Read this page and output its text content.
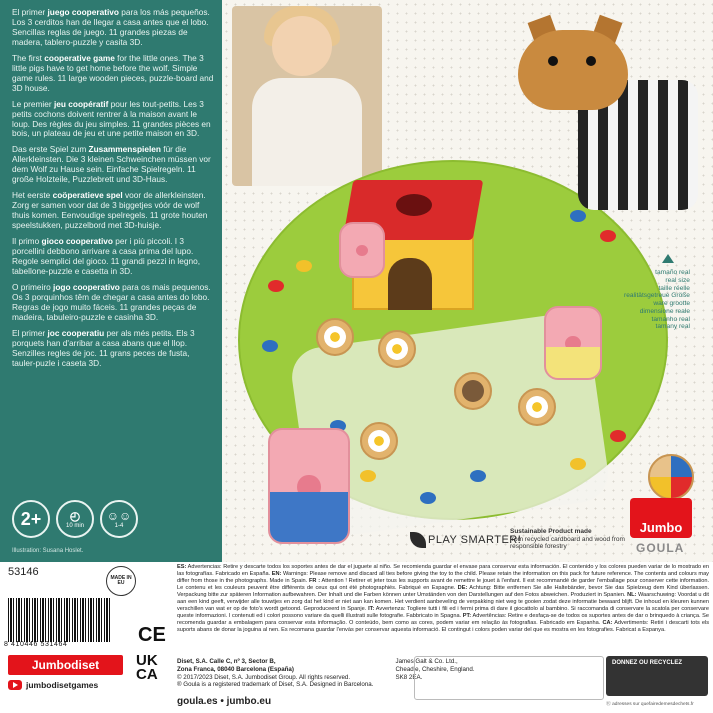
El primer juego cooperativo para los más pequeños. Los 3 cerditos han de llegar a casa antes que el lobo. Sencillas reglas de juego. 11 grandes piezas de madera, tablero-puzzle y casita 3D.

The first cooperative game for the little ones. The 3 little pigs have to get home before the wolf. Simple game rules. 11 large wooden pieces, puzzle-board and 3D house.

Le premier jeu coopératif pour les tout-petits. Les 3 petits cochons doivent rentrer à la maison avant le loup. Des règles du jeu simples. 11 grandes pièces en bois, un plateau de jeu et une petite maison en 3D.

Das erste Spiel zum Zusammenspielen für die Allerkleinsten. Die 3 kleinen Schweinchen müssen vor dem Wolf zu Hause sein. Einfache Spielregeln. 11 große Holzteile, Puzzlebrett und 3D-Haus.

Het eerste coöperatieve spel voor de allerkleinsten. Zorg er samen voor dat de 3 biggetjes vóór de wolf thuis komen. Eenvoudige spelregels. 11 grote houten speelstukken, puzzelbord met 3D-huisje.

Il primo gioco cooperativo per i più piccoli. I 3 porcellini debbono arrivare a casa prima del lupo. Regole semplici del gioco. 11 grandi pezzi in legno, tabellone-puzzle e casetta in 3D.

O primeiro jogo cooperativo para os mais pequenos. Os 3 porquinhos têm de chegar a casa antes do lobo. Regras de jogo muito fáceis. 11 grandes peças de madeira, tabuleiro-puzzle e casinha 3D.

El primer joc cooperatiu per als més petits. Els 3 porquets han d'arribar a casa abans que el llop. Senzilles regles de joc. 11 grans peces de fusta, tauler-puzle i caseta 3D.

2+	◴
10 min
☺☺
1-4
Illustration: Susana Hoslet.
tamaño real
real size
taille réelle
realitätsgetreue Größe
ware grootte
dimensione reale
tamanho real
tamany real
Jumbo
GOULA
PLAY SMARTER!
Sustainable Product made
from recycled cardboard and wood from responsible forestry
53146	MADE IN EU
8 410446 531464	CE
UK CA
Jumbodiset
jumbodisetgames
ES: Advertencias: Retire y descarte todos los soportes antes de dar el juguete al niño. Se recomienda guardar el envase para conservar esta información. El contenido y los colores pueden variar de lo mostrado en las fotografías. Fabricado en España. EN: Warnings: Please remove and discard all ties before giving the toy to the child. Please retain the information on this pack for future reference. The contents and colours may differ from those in the photographs. Made in Spain. FR : Attention ! Retirer et jeter tous les supports avant de remettre le jouet à l'enfant. Il est recommandé de garder l'emballage pour conserver cette information. Le contenu et les couleurs peuvent être différents de ceux qui ont été photographiés. Fabriqué en Espagne. DE: Achtung: Bitte entfernen Sie alle Haltebänder, bevor Sie das Spielzeug dem Kind überlassen. Verpackung bitte zur späteren Information aufbewahren. Der Inhalt und die Farben können unter Umständen von den Darstellungen auf den Fotos abweichen. Produziert in Spanien. NL: Waarschuwing: Voordat u dit aan een kind geeft, verwijder alle touwtjes en zorg dat het kind er niet aan kan komen. Het verdient aanbeveling de verpakking niet weg te gooien zodat deze informatie bewaard blijft. De inhoud en kleuren kunnen verschillen van wat er op de foto's wordt getoond. Geproduceerd in Spanje. IT: Avvertenza: Togliere tutti i fili ed i fermi prima di dare il giocattolo al bambino. Si raccomanda di conservare la scatola per conservare queste informazioni. I contenuti ed i colori possono variare da quelli illustrati sulle fotografie. Fabbricato in Spagna. PT: Advertências: Retire e desfaça-se de todos os suportes antes de dar o brinquedo à criança. Se recomenda guardar a embalagem para conservar esta informação. O conteúdo, bem como as cores, podem variar em relação às fotografias. Fabricado em Espanha. CA: Advertiments: Retiri i descarti tots els suports abans de donar la joguina al nen. Es recomana guardar l'envàs per conservar aquesta informació. El contingut i colors poden variar del que es mostra en les fotografies. Fabricat a Espanya.
Diset, S.A. Calle C, nº 3, Sector B,
Zona Franca, 08040 Barcelona (España)
© 2017/2023 Diset, S.A. Jumbodiset Group. All rights reserved.
® Goula is a registered trademark of Diset, S.A. Designed in Barcelona.
James Galt & Co. Ltd.,
Cheadle, Cheshire, England.
SK8 2EA.
goula.es • jumbo.eu
DONNEZ OU RECYCLEZ
Ⓡ adresses sur quefairedemesdechets.fr
